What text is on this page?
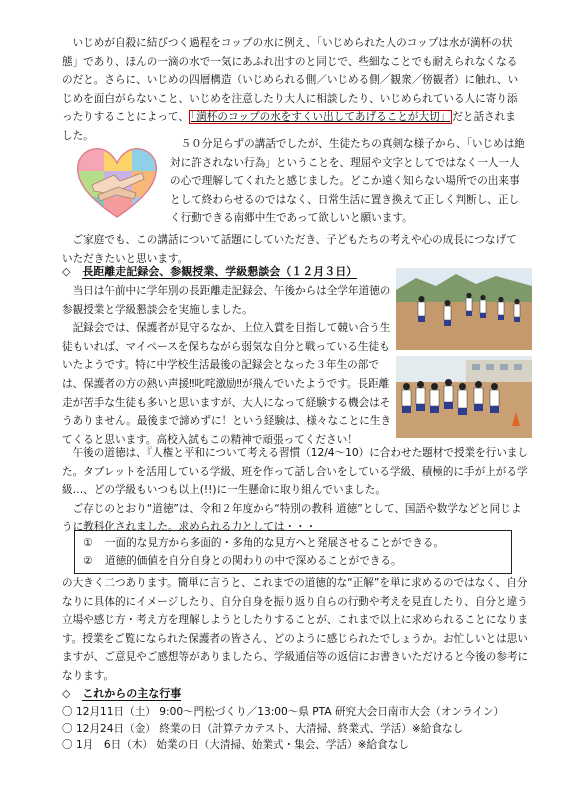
いじめが自殺に結びつく過程をコップの水に例え、「いじめられた人のコップは水が満杯の状態」であり、ほんの一滴の水で一気にあふれ出すのと同じで、些細なことでも耐えられなくなるのだと。さらに、いじめの四層構造（いじめられる側／いじめる側／観衆／傍観者）に触れ、いじめを面白がらないこと、いじめを注意したり大人に相談したり、いじめられている人に寄り添ったりすることによって、 「満杯のコップの水をすくい出してあげることが大切」 だと話されました。

５０分足らずの講話でしたが、生徒たちの真剣な様子から、「いじめは絶対に許されない行為」ということを、理屈や文字としてではなく一人一人の心で理解してくれたと感じました。どこか遠く知らない場所での出来事として終わらせるのではなく、日常生活に置き換えて正しく判断し、正しく行動できる南郷中生であって欲しいと願います。

ご家庭でも、この講話について話題にしていただき、子どもたちの考えや心の成長につなげていただきたいと思います。

◇ 長距離走記録会、参観授業、学級懇談会（１２月３日）

当日は午前中に学年別の長距離走記録会、午後からは全学年道徳の参観授業と学級懇談会を実施しました。

記録会では、保護者が見守るなか、上位入賞を目指して競い合う生徒もいれば、マイペースを保ちながら弱気な自分と戦っている生徒もいたようです。特に中学校生活最後の記録会となった３年生の部では、保護者の方の熱い声援‼叱咤激励‼が飛んでいたようです。長距離走が苦手な生徒も多いと思いますが、大人になって経験する機会はそうありません。最後まで諦めずに！という経験は、様々なことに生きてくると思います。高校入試もこの精神で頑張ってください！

午後の道徳は、『人権と平和について考える習慣（12/4～10）に合わせた題材で授業を行いました。タブレットを活用している学級、班を作って話し合いをしている学級、積極的に手が上がる学級…、どの学級もいつも以上(!!)に一生懸命に取り組んでいました。

ご存じのとおり“道徳”は、令和２年度から“特別の教科 道徳”として、国語や数学などと同じように教科化されました。求められる力としては・・・

① 一面的な見方から多面的・多角的な見方へと発展させることができる。
② 道徳的価値を自分自身との関わりの中で深めることができる。

の大きく二つあります。簡単に言うと、これまでの道徳的な“正解”を単に求めるのではなく、自分なりに具体的にイメージしたり、自分自身を振り返り自らの行動や考えを見直したり、自分と違う立場や感じ方・考え方を理解しようとしたりすることが、これまで以上に求められることになります。授業をご覧になられた保護者の皆さん、どのように感じられたでしょうか。お忙しいとは思いますが、ご意見やご感想等がありましたら、学級通信等の返信にお書きいただけると今後の参考になります。

◇ これからの主な行事
〇 12月11日（土） 9:00～門松づくり／13:00～県 PTA 研究大会日南市大会（オンライン）
〇 12月24日（金） 終業の日（計算テカテスト、大清掃、終業式、学活）※給食なし
〇 1月　6日（木） 始業の日（大清掃、始業式・集会、学活）※給食なし
